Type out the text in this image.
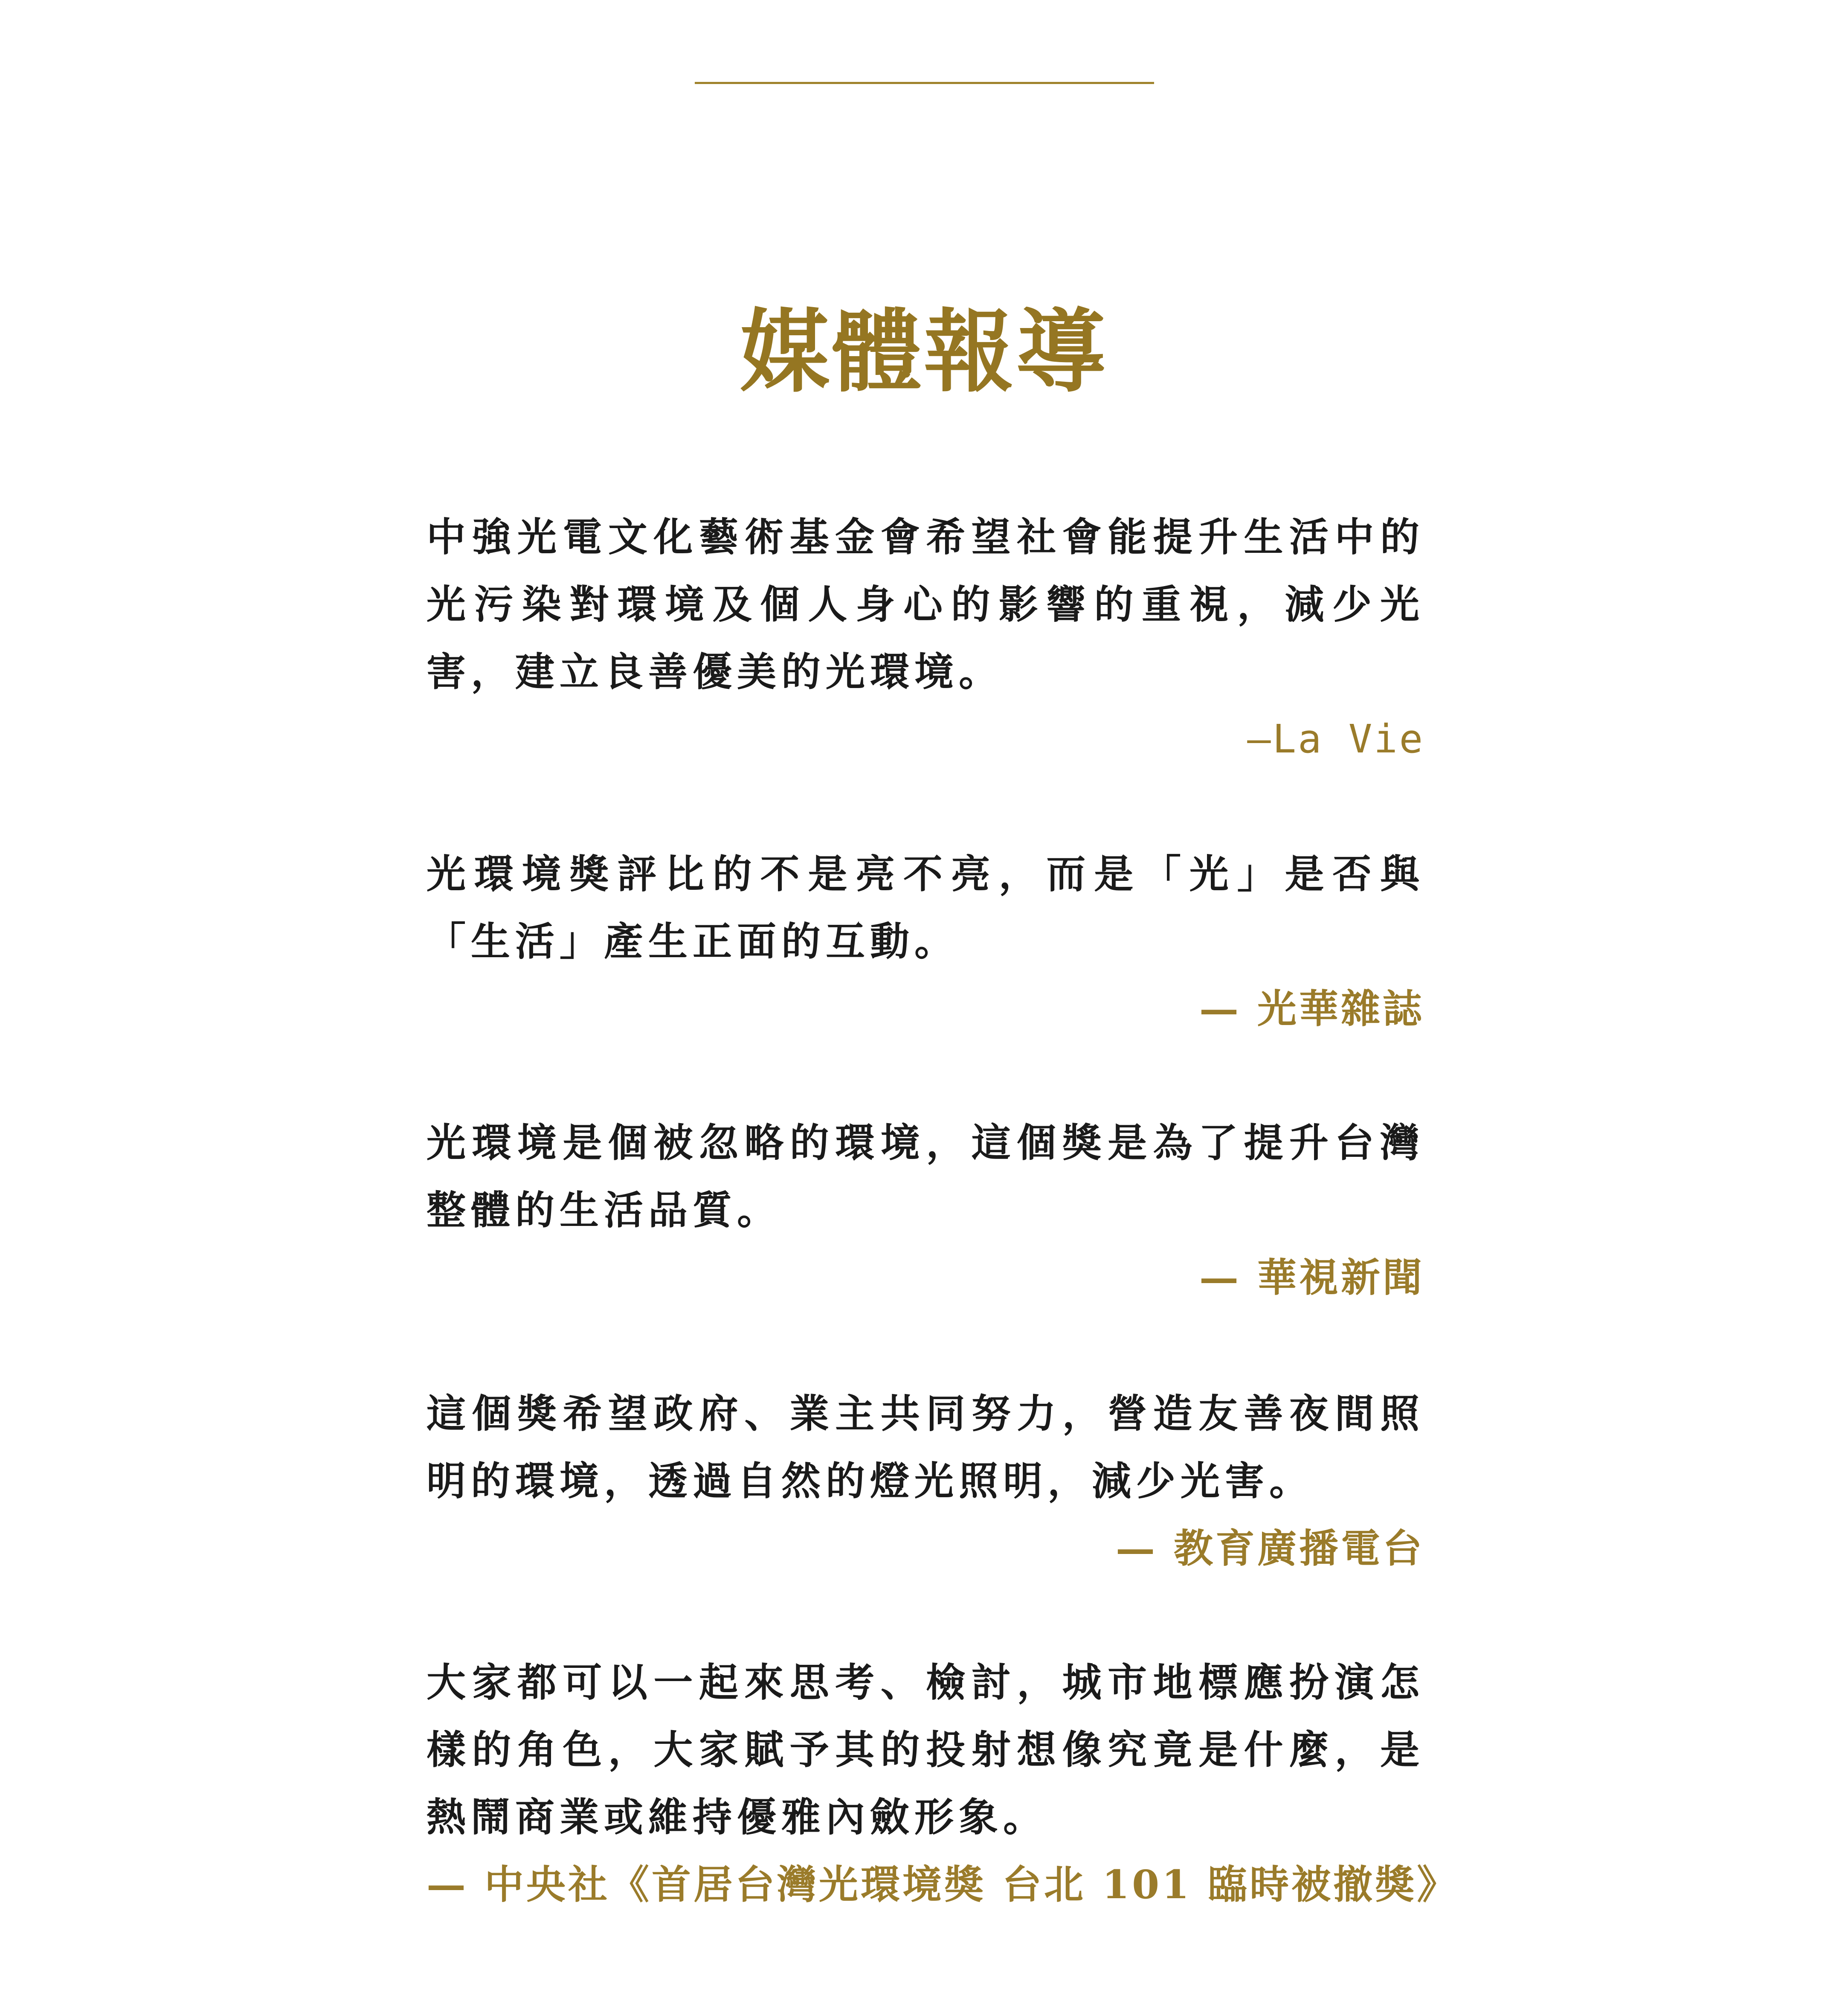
媒體報導

中強光電文化藝術基金會希望社會能提升生活中的光污染對環境及個人身心的影響的重視，減少光害，建立良善優美的光環境。

—La Vie

光環境獎評比的不是亮不亮，而是「光」是否與「生活」產生正面的互動。

— 光華雜誌

光環境是個被忽略的環境，這個獎是為了提升台灣整體的生活品質。

— 華視新聞

這個獎希望政府、業主共同努力，營造友善夜間照明的環境，透過自然的燈光照明，減少光害。

— 教育廣播電台

大家都可以一起來思考、檢討，城市地標應扮演怎樣的角色，大家賦予其的投射想像究竟是什麼，是熱鬧商業或維持優雅內斂形象。

— 中央社《首居台灣光環境獎 台北 101 臨時被撤獎》
